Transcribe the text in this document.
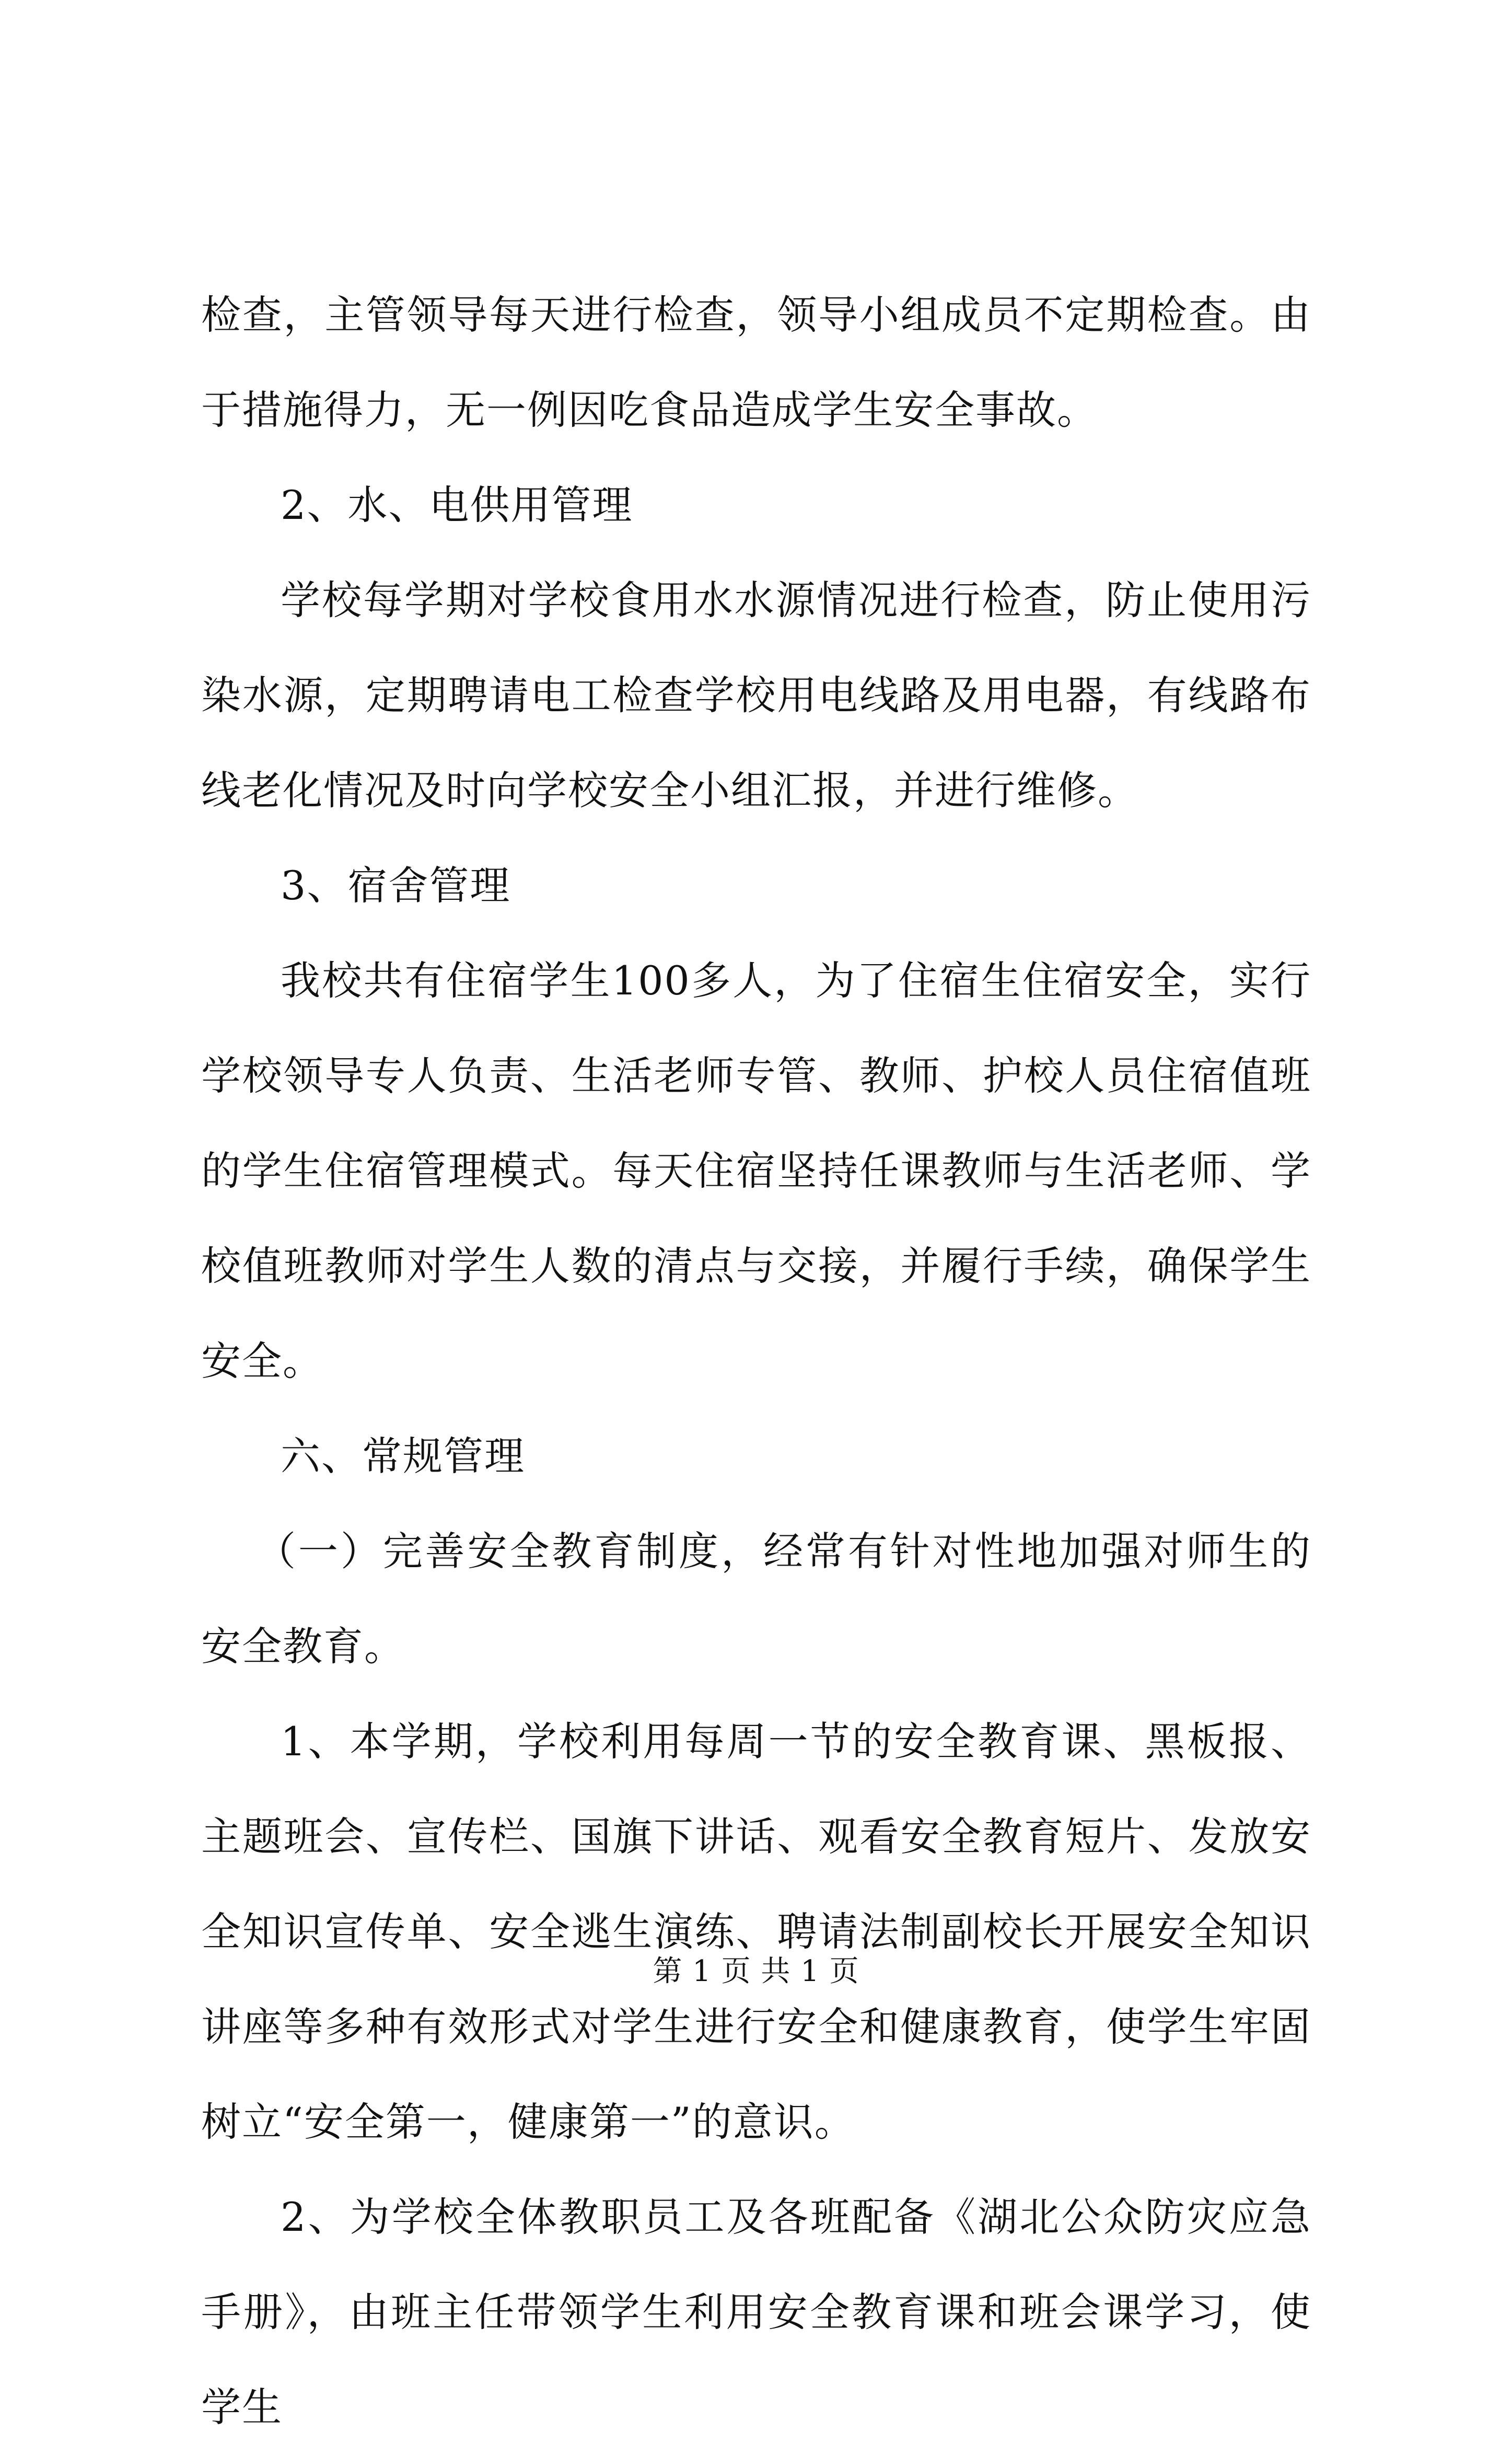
检查，主管领导每天进行检查，领导小组成员不定期检查。由于措施得力，无一例因吃食品造成学生安全事故。

2、水、电供用管理

学校每学期对学校食用水水源情况进行检查，防止使用污染水源，定期聘请电工检查学校用电线路及用电器，有线路布线老化情况及时向学校安全小组汇报，并进行维修。

3、宿舍管理

我校共有住宿学生100多人，为了住宿生住宿安全，实行学校领导专人负责、生活老师专管、教师、护校人员住宿值班的学生住宿管理模式。每天住宿坚持任课教师与生活老师、学校值班教师对学生人数的清点与交接，并履行手续，确保学生安全。

六、常规管理

（一）完善安全教育制度，经常有针对性地加强对师生的安全教育。

1、本学期，学校利用每周一节的安全教育课、黑板报、主题班会、宣传栏、国旗下讲话、观看安全教育短片、发放安全知识宣传单、安全逃生演练、聘请法制副校长开展安全知识讲座等多种有效形式对学生进行安全和健康教育，使学生牢固树立“安全第一，健康第一”的意识。

2、为学校全体教职员工及各班配备《湖北公众防灾应急手册》，由班主任带领学生利用安全教育课和班会课学习，使学生

第 1 页 共 1 页
